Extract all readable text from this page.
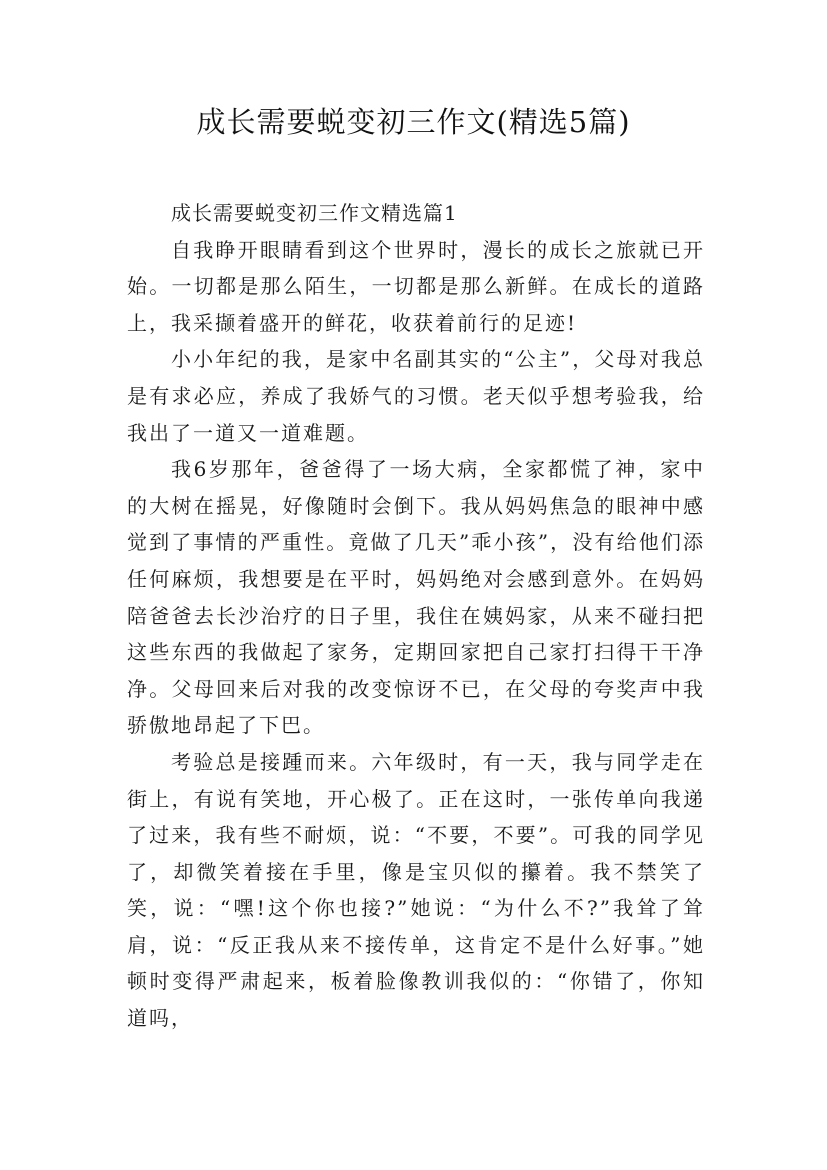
成长需要蜕变初三作文(精选5篇)

成长需要蜕变初三作文精选篇1

自我睁开眼睛看到这个世界时，漫长的成长之旅就已开始。一切都是那么陌生，一切都是那么新鲜。在成长的道路上，我采撷着盛开的鲜花，收获着前行的足迹!

小小年纪的我，是家中名副其实的“公主”，父母对我总是有求必应，养成了我娇气的习惯。老天似乎想考验我，给我出了一道又一道难题。

我6岁那年，爸爸得了一场大病，全家都慌了神，家中的大树在摇晃，好像随时会倒下。我从妈妈焦急的眼神中感觉到了事情的严重性。竟做了几天”乖小孩”，没有给他们添任何麻烦，我想要是在平时，妈妈绝对会感到意外。在妈妈陪爸爸去长沙治疗的日子里，我住在姨妈家，从来不碰扫把这些东西的我做起了家务，定期回家把自己家打扫得干干净净。父母回来后对我的改变惊讶不已，在父母的夸奖声中我骄傲地昂起了下巴。

考验总是接踵而来。六年级时，有一天，我与同学走在街上，有说有笑地，开心极了。正在这时，一张传单向我递了过来，我有些不耐烦，说：“不要，不要”。可我的同学见了，却微笑着接在手里，像是宝贝似的攥着。我不禁笑了笑，说：“嘿!这个你也接?”她说：“为什么不?”我耸了耸肩，说：“反正我从来不接传单，这肯定不是什么好事。”她顿时变得严肃起来，板着脸像教训我似的：“你错了，你知道吗，
